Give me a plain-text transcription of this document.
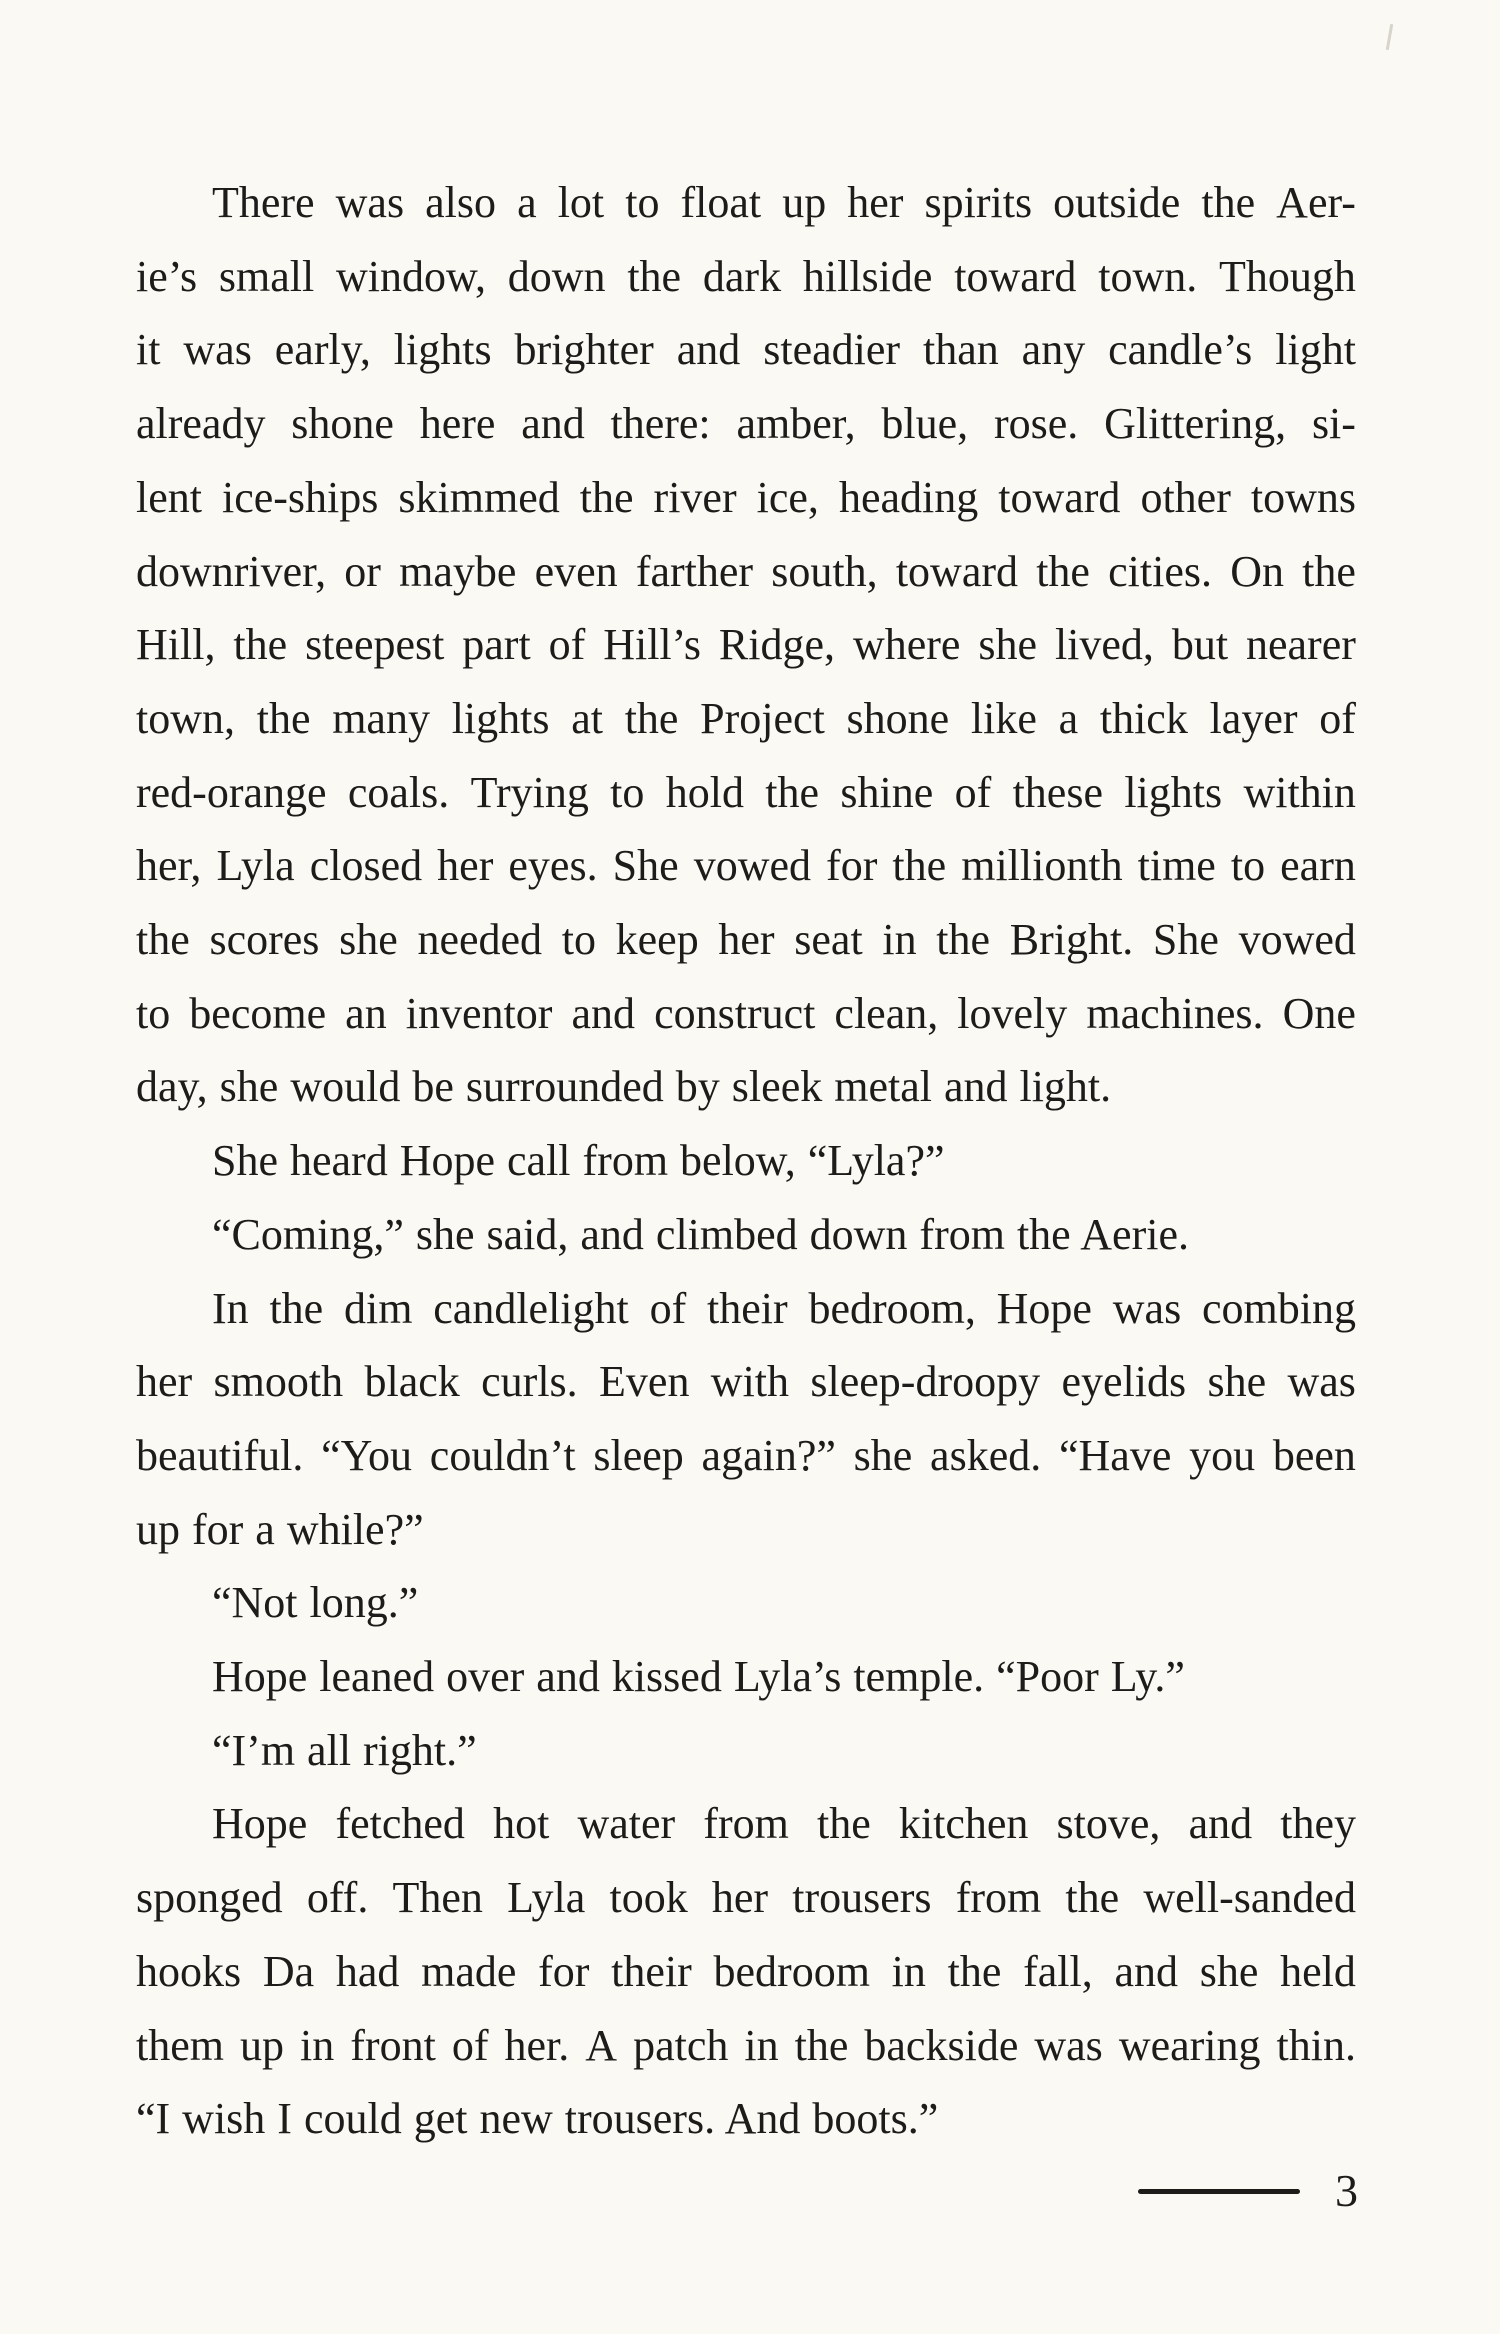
There was also a lot to float up her spirits outside the Aer-
ie’s small window, down the dark hillside toward town. Though
it was early, lights brighter and steadier than any candle’s light
already shone here and there: amber, blue, rose. Glittering, si-
lent ice-ships skimmed the river ice, heading toward other towns
downriver, or maybe even farther south, toward the cities. On the
Hill, the steepest part of Hill’s Ridge, where she lived, but nearer
town, the many lights at the Project shone like a thick layer of
red-orange coals. Trying to hold the shine of these lights within
her, Lyla closed her eyes. She vowed for the millionth time to earn
the scores she needed to keep her seat in the Bright. She vowed
to become an inventor and construct clean, lovely machines. One
day, she would be surrounded by sleek metal and light.
She heard Hope call from below, “Lyla?”
“Coming,” she said, and climbed down from the Aerie.
In the dim candlelight of their bedroom, Hope was combing
her smooth black curls. Even with sleep-droopy eyelids she was
beautiful. “You couldn’t sleep again?” she asked. “Have you been
up for a while?”
“Not long.”
Hope leaned over and kissed Lyla’s temple. “Poor Ly.”
“I’m all right.”
Hope fetched hot water from the kitchen stove, and they
sponged off. Then Lyla took her trousers from the well-sanded
hooks Da had made for their bedroom in the fall, and she held
them up in front of her. A patch in the backside was wearing thin.
“I wish I could get new trousers. And boots.”
3
